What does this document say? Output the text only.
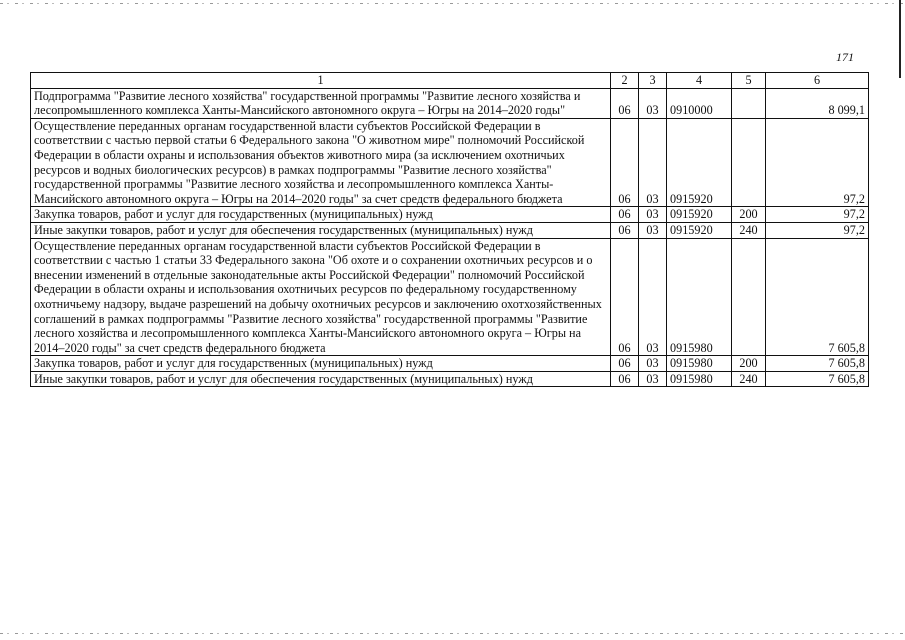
171
1	2	3	4	5	6
Подпрограмма "Развитие лесного хозяйства" государственной программы "Развитие лесного хозяйства и лесопромышленного комплекса Ханты-Мансийского автономного округа – Югры на 2014–2020 годы"	06	03	0910000		8 099,1
Осуществление переданных органам государственной власти субъектов Российской Федерации в соответствии с частью первой статьи 6 Федерального закона "О животном мире" полномочий Российской Федерации в области охраны и использования объектов животного мира (за исключением охотничьих ресурсов и водных биологических ресурсов) в рамках подпрограммы "Развитие лесного хозяйства" государственной программы "Развитие лесного хозяйства и лесопромышленного комплекса Ханты-Мансийского автономного округа – Югры на 2014–2020 годы" за счет средств федерального бюджета	06	03	0915920		97,2
Закупка товаров, работ и услуг для государственных (муниципальных) нужд	06	03	0915920	200	97,2
Иные закупки товаров, работ и услуг для обеспечения государственных (муниципальных) нужд	06	03	0915920	240	97,2
Осуществление переданных органам государственной власти субъектов Российской Федерации в соответствии с частью 1 статьи 33 Федерального закона "Об охоте и о сохранении охотничьих ресурсов и о внесении изменений в отдельные законодательные акты Российской Федерации" полномочий Российской Федерации в области охраны и использования охотничьих ресурсов по федеральному государственному охотничьему надзору, выдаче разрешений на добычу охотничьих ресурсов и заключению охотхозяйственных соглашений в рамках подпрограммы "Развитие лесного хозяйства" государственной программы "Развитие лесного хозяйства и лесопромышленного комплекса Ханты-Мансийского автономного округа – Югры на 2014–2020 годы" за счет средств федерального бюджета	06	03	0915980		7 605,8
Закупка товаров, работ и услуг для государственных (муниципальных) нужд	06	03	0915980	200	7 605,8
Иные закупки товаров, работ и услуг для обеспечения государственных (муниципальных) нужд	06	03	0915980	240	7 605,8
